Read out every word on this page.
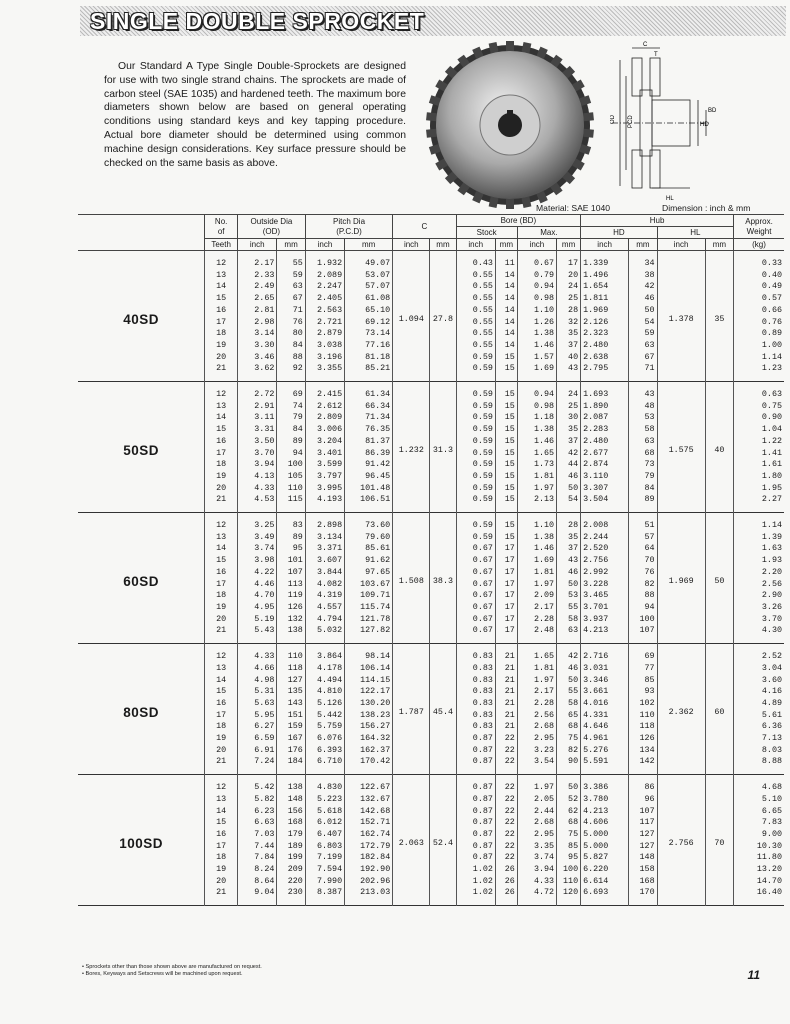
SINGLE DOUBLE SPROCKET

Our Standard A Type Single Double-Sprockets are designed for use with two single strand chains. The sprockets are made of carbon steel (SAE 1035) and hardened teeth. The maximum bore diameters shown below are based on general operating conditions using standard keys and key tapping procedure. Actual bore diameter should be determined using common machine design considerations. Key surface pressure should be checked on the same basis as above.

OD PCD	HD
BD
HL
C
T
Material: SAE 1040	Dimension : inch & mm
	No.
of	Outside Dia
(OD)		Pitch Dia
(P.C.D)		C		Bore (BD)				Hub				Approx.
Weight
								Stock		Max.		HD		HL		
	Teeth	inch	mm	inch	mm	inch	mm	inch	mm	inch	mm	inch	mm	inch	mm	(kg)
40SD	12	2.17	55	1.932	49.07	1.094	27.8	0.43	11	0.67	17	1.339	34	1.378	35	0.33
	13	2.33	59	2.089	53.07			0.55	14	0.79	20	1.496	38			0.40
	14	2.49	63	2.247	57.07			0.55	14	0.94	24	1.654	42			0.49
	15	2.65	67	2.405	61.08			0.55	14	0.98	25	1.811	46			0.57
	16	2.81	71	2.563	65.10			0.55	14	1.10	28	1.969	50			0.66
	17	2.98	76	2.721	69.12			0.55	14	1.26	32	2.126	54			0.76
	18	3.14	80	2.879	73.14			0.55	14	1.38	35	2.323	59			0.89
	19	3.30	84	3.038	77.16			0.55	14	1.46	37	2.480	63			1.00
	20	3.46	88	3.196	81.18			0.59	15	1.57	40	2.638	67			1.14
	21	3.62	92	3.355	85.21			0.59	15	1.69	43	2.795	71			1.23
50SD	12	2.72	69	2.415	61.34	1.232	31.3	0.59	15	0.94	24	1.693	43	1.575	40	0.63
	13	2.91	74	2.612	66.34			0.59	15	0.98	25	1.890	48			0.75
	14	3.11	79	2.809	71.34			0.59	15	1.18	30	2.087	53			0.90
	15	3.31	84	3.006	76.35			0.59	15	1.38	35	2.283	58			1.04
	16	3.50	89	3.204	81.37			0.59	15	1.46	37	2.480	63			1.22
	17	3.70	94	3.401	86.39			0.59	15	1.65	42	2.677	68			1.41
	18	3.94	100	3.599	91.42			0.59	15	1.73	44	2.874	73			1.61
	19	4.13	105	3.797	96.45			0.59	15	1.81	46	3.110	79			1.80
	20	4.33	110	3.995	101.48			0.59	15	1.97	50	3.307	84			1.95
	21	4.53	115	4.193	106.51			0.59	15	2.13	54	3.504	89			2.27
60SD	12	3.25	83	2.898	73.60	1.508	38.3	0.59	15	1.10	28	2.008	51	1.969	50	1.14
	13	3.49	89	3.134	79.60			0.59	15	1.38	35	2.244	57			1.39
	14	3.74	95	3.371	85.61			0.67	17	1.46	37	2.520	64			1.63
	15	3.98	101	3.607	91.62			0.67	17	1.69	43	2.756	70			1.93
	16	4.22	107	3.844	97.65			0.67	17	1.81	46	2.992	76			2.20
	17	4.46	113	4.082	103.67			0.67	17	1.97	50	3.228	82			2.56
	18	4.70	119	4.319	109.71			0.67	17	2.09	53	3.465	88			2.90
	19	4.95	126	4.557	115.74			0.67	17	2.17	55	3.701	94			3.26
	20	5.19	132	4.794	121.78			0.67	17	2.28	58	3.937	100			3.70
	21	5.43	138	5.032	127.82			0.67	17	2.48	63	4.213	107			4.30
80SD	12	4.33	110	3.864	98.14	1.787	45.4	0.83	21	1.65	42	2.716	69	2.362	60	2.52
	13	4.66	118	4.178	106.14			0.83	21	1.81	46	3.031	77			3.04
	14	4.98	127	4.494	114.15			0.83	21	1.97	50	3.346	85			3.60
	15	5.31	135	4.810	122.17			0.83	21	2.17	55	3.661	93			4.16
	16	5.63	143	5.126	130.20			0.83	21	2.28	58	4.016	102			4.89
	17	5.95	151	5.442	138.23			0.83	21	2.56	65	4.331	110			5.61
	18	6.27	159	5.759	156.27			0.83	21	2.68	68	4.646	118			6.36
	19	6.59	167	6.076	164.32			0.87	22	2.95	75	4.961	126			7.13
	20	6.91	176	6.393	162.37			0.87	22	3.23	82	5.276	134			8.03
	21	7.24	184	6.710	170.42			0.87	22	3.54	90	5.591	142			8.88
100SD	12	5.42	138	4.830	122.67	2.063	52.4	0.87	22	1.97	50	3.386	86	2.756	70	4.68
	13	5.82	148	5.223	132.67			0.87	22	2.05	52	3.780	96			5.10
	14	6.23	156	5.618	142.68			0.87	22	2.44	62	4.213	107			6.65
	15	6.63	168	6.012	152.71			0.87	22	2.68	68	4.606	117			7.83
	16	7.03	179	6.407	162.74			0.87	22	2.95	75	5.000	127			9.00
	17	7.44	189	6.803	172.79			0.87	22	3.35	85	5.000	127			10.30
	18	7.84	199	7.199	182.84			0.87	22	3.74	95	5.827	148			11.80
	19	8.24	209	7.594	192.90			1.02	26	3.94	100	6.220	158			13.20
	20	8.64	220	7.990	202.96			1.02	26	4.33	110	6.614	168			14.70
	21	9.04	230	8.387	213.03			1.02	26	4.72	120	6.693	170			16.40
• Sprockets other than those shown above are manufactured on request.
• Bores, Keyways and Setscrews will be machined upon request.	11
